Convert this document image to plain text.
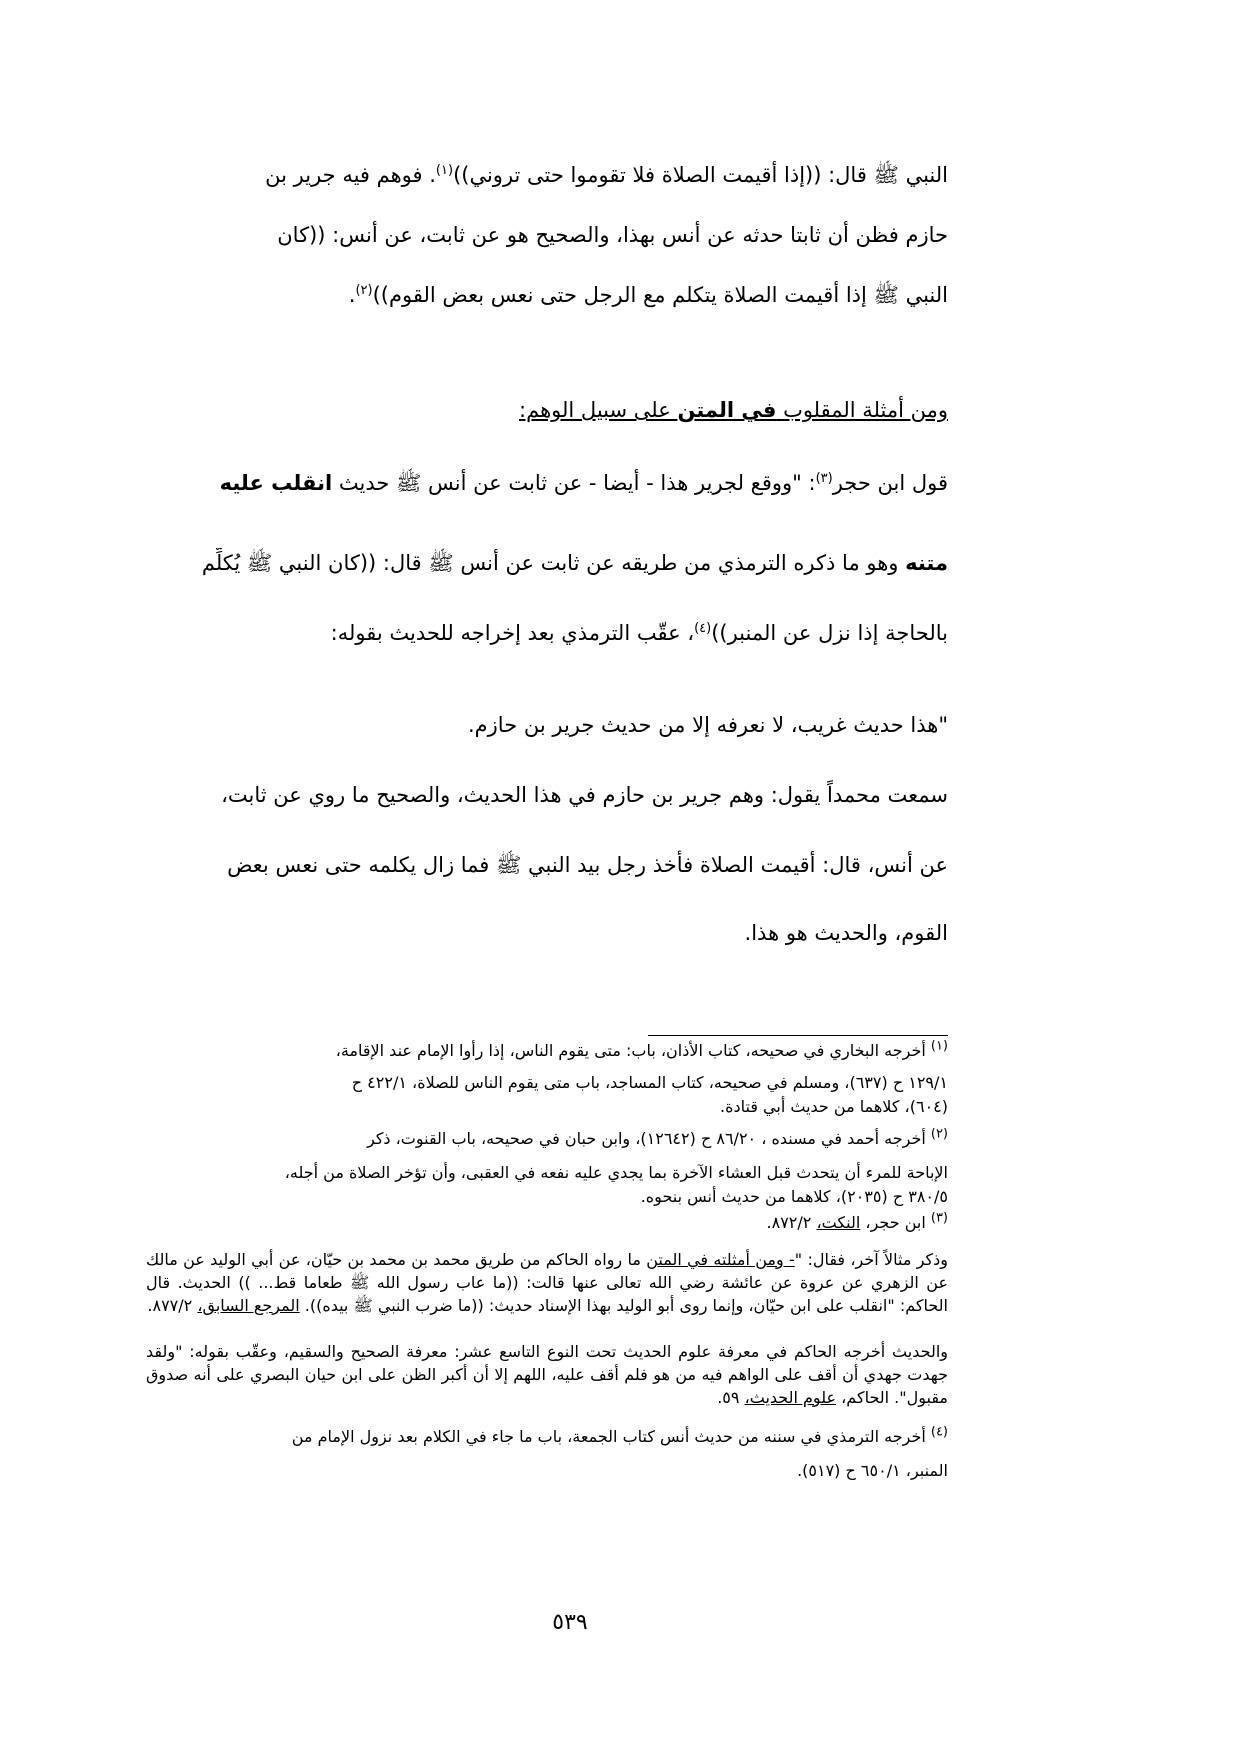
النبي ﷺ قال: ((إذا أقيمت الصلاة فلا تقوموا حتى تروني))$^{(١)}$. فوهم فيه جرير بن
حازم فظن أن ثابتا حدثه عن أنس بهذا، والصحيح هو عن ثابت، عن أنس: ((كان
النبي ﷺ إذا أقيمت الصلاة يتكلم مع الرجل حتى نعس بعض القوم))$^{(٢)}$.
ومن أمثلة المقلوب في المتن على سبيل الوهم:
قول ابن حجر$^{(٣)}$: "ووقع لجرير هذا - أيضا - عن ثابت عن أنس ﷺ حديث انقلب عليه
متنه وهو ما ذكره الترمذي من طريقه عن ثابت عن أنس ﷺ قال: ((كان النبي ﷺ يُكلِّم
بالحاجة إذا نزل عن المنبر))$^{(٤)}$، عقّب الترمذي بعد إخراجه للحديث بقوله:
"هذا حديث غريب، لا نعرفه إلا من حديث جرير بن حازم.
سمعت محمداً يقول: وهم جرير بن حازم في هذا الحديث، والصحيح ما روي عن ثابت،
عن أنس، قال: أقيمت الصلاة فأخذ رجل بيد النبي ﷺ فما زال يكلمه حتى نعس بعض
القوم، والحديث هو هذا.
$^{(١)}$ أخرجه البخاري في صحيحه، كتاب الأذان، باب: متى يقوم الناس، إذا رأوا الإمام عند الإقامة،
١٢٩/١ ح (٦٣٧)، ومسلم في صحيحه، كتاب المساجد، باب متى يقوم الناس للصلاة، ٤٢٢/١ ح
(٦٠٤)، كلاهما من حديث أبي قتادة.
$^{(٢)}$ أخرجه أحمد في مسنده ، ٨٦/٢٠ ح (١٢٦٤٢)، وابن حبان في صحيحه، باب القنوت، ذكر
الإباحة للمرء أن يتحدث قبل العشاء الآخرة بما يجدي عليه نفعه في العقبى، وأن تؤخر الصلاة من أجله،
٣٨٠/٥ ح (٢٠٣٥)، كلاهما من حديث أنس بنحوه.
$^{(٣)}$ ابن حجر، النكت، ٨٧٢/٢.
وذكر مثالاً آخر، فقال: "- ومن أمثلته في المتن ما رواه الحاكم من طريق محمد بن محمد بن حيّان، عن أبي الوليد عن مالك عن الزهري عن عروة عن عائشة رضي الله تعالى عنها قالت: ((ما عاب رسول الله ﷺ طعاما قط... )) الحديث. قال الحاكم: "انقلب على ابن حيّان، وإنما روى أبو الوليد بهذا الإسناد حديث: ((ما ضرب النبي ﷺ بيده)). المرجع السابق، ٨٧٧/٢.
والحديث أخرجه الحاكم في معرفة علوم الحديث تحت النوع التاسع عشر: معرفة الصحيح والسقيم، وعقّب بقوله: "ولقد جهدت جهدي أن أقف على الواهم فيه من هو فلم أقف عليه، اللهم إلا أن أكبر الظن على ابن حيان البصري على أنه صدوق مقبول". الحاكم، علوم الحديث، ٥٩.
$^{(٤)}$ أخرجه الترمذي في سننه من حديث أنس كتاب الجمعة، باب ما جاء في الكلام بعد نزول الإمام من
المنبر، ٦٥٠/١ ح (٥١٧).
٥٣٩
